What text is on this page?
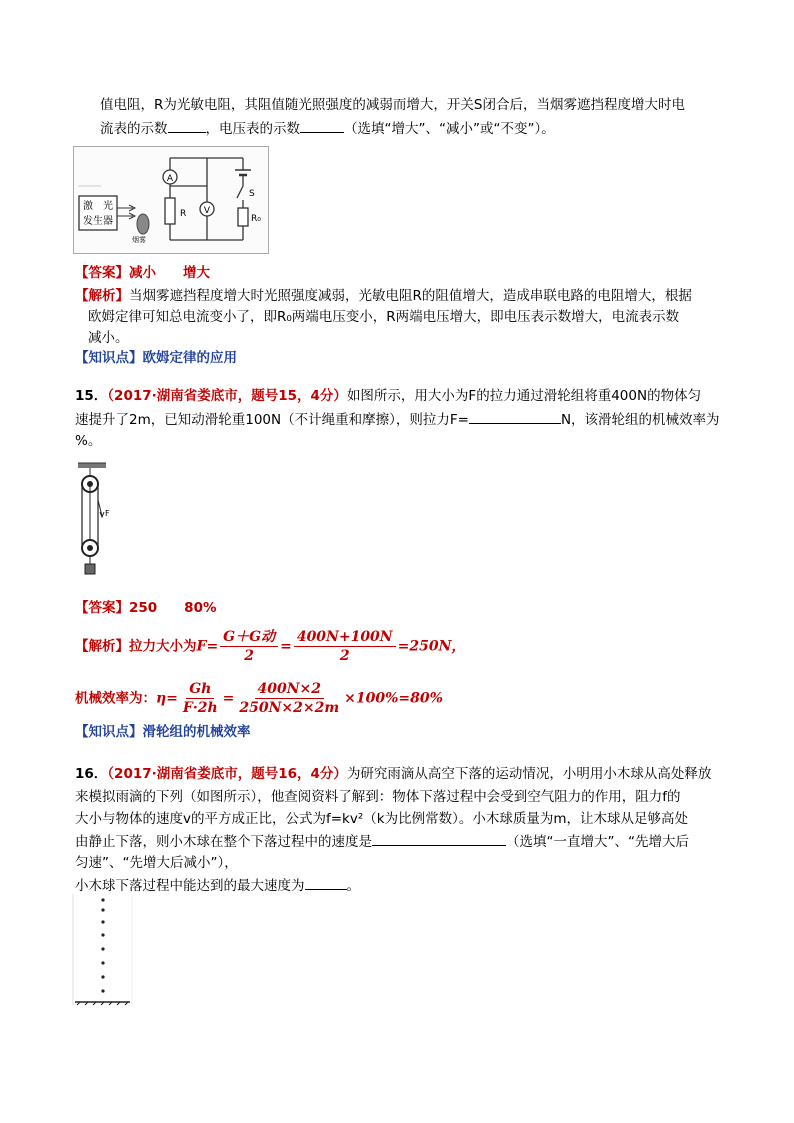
值电阻，R为光敏电阻，其阻值随光照强度的减弱而增大，开关S闭合后，当烟雾遮挡程度增大时电
流表的示数	，电压表的示数	（选填“增大”、“减小”或“不变”）。
激　光
发生器
烟雾
A
R V
S
R₀
【答案】减小　　增大
【解析】当烟雾遮挡程度增大时光照强度减弱，光敏电阻R的阻值增大，造成串联电路的电阻增大，根据
欧姆定律可知总电流变小了，即R₀两端电压变小，R两端电压增大，即电压表示数增大，电流表示数
减小。
【知识点】欧姆定律的应用
15．（2017·湖南省娄底市，题号15，4分）如图所示，用大小为F的拉力通过滑轮组将重400N的物体匀
速提升了2m，已知动滑轮重100N（不计绳重和摩擦），则拉力F=	N，该滑轮组的机械效率为
%。
F
【答案】250　　80%
【解析】拉力大小为$F= \frac{\text{G＋G动}}{2} = \frac{400N+100N}{2} =250N$，
机械效率为：$\eta= \frac{Gh}{F\cdot 2h} = \frac{400N\times 2}{250N\times 2\times 2m} \times 100\%=80\%$
【知识点】滑轮组的机械效率
16．（2017·湖南省娄底市，题号16，4分）为研究雨滴从高空下落的运动情况，小明用小木球从高处释放
来模拟雨滴的下列（如图所示），他查阅资料了解到：物体下落过程中会受到空气阻力的作用，阻力f的
大小与物体的速度v的平方成正比，公式为f=kv²（k为比例常数）。小木球质量为m，让木球从足够高处
由静止下落，则小木球在整个下落过程中的速度是	（选填“一直增大”、“先增大后
匀速”、“先增大后减小”），
小木球下落过程中能达到的最大速度为	。
